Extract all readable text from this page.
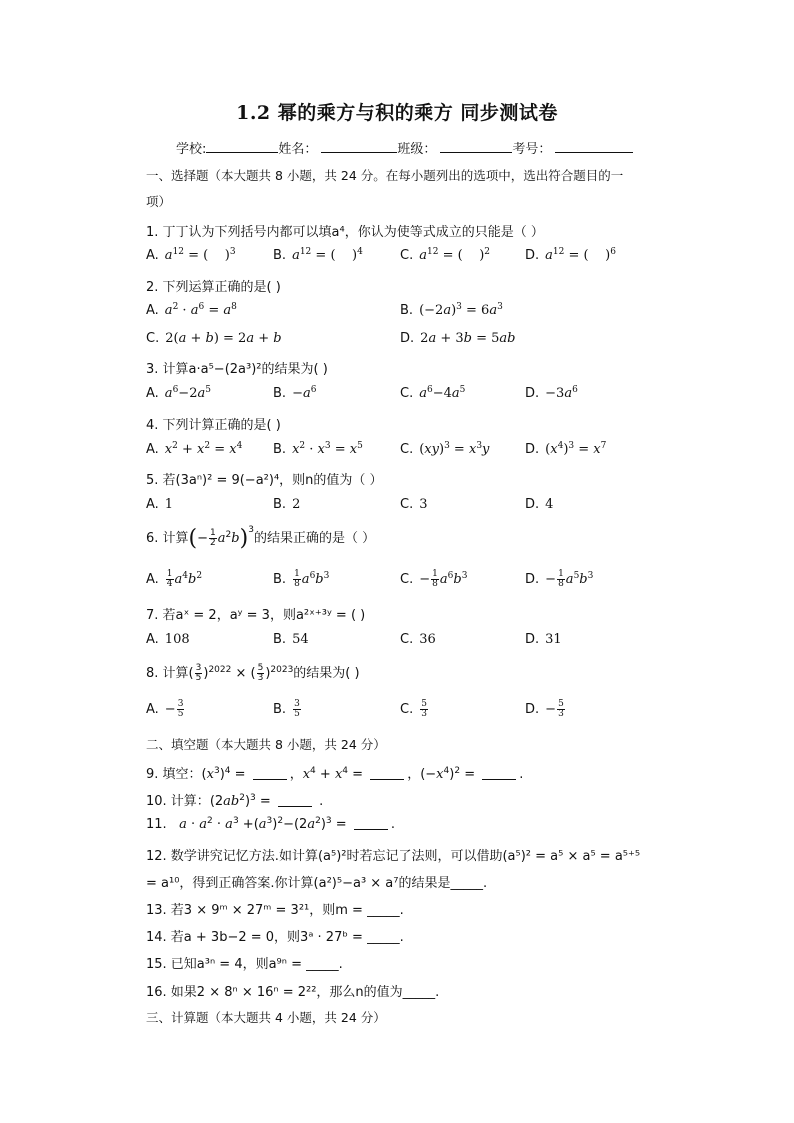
1.2 幂的乘方与积的乘方 同步测试卷
学校:	姓名：	班级：	考号：
一、选择题（本大题共 8 小题，共 24 分。在每小题列出的选项中，选出符合题目的一
项）
1. 丁丁认为下列括号内都可以填a⁴，你认为使等式成立的只能是（ ）
A. $a^{12}$ = (    )$^3$	B. $a^{12}$ = (    )$^4$	C. $a^{12}$ = (    )$^2$	D. $a^{12}$ = (    )$^6$
2. 下列运算正确的是( )
A. $a^2 \cdot a^6 = a^8$	B. $(-2a)^3 = 6a^3$
C. 2(a + b) = 2a + b	D. 2a + 3b = 5ab
3. 计算a·a⁵−(2a³)²的结果为( )
A. $a^6-2a^5$	B. $-a^6$	C. $a^6-4a^5$	D. $-3a^6$
4. 下列计算正确的是( )
A. $x^2 + x^2 = x^4$ B. $x^2 \cdot x^3 = x^5$	C. $(xy)^3 = x^3y$	D. $(x^4)^3 = x^7$
5. 若(3aⁿ)² = 9(−a²)⁴，则n的值为（ ）
A. 1	B. 2	C. 3	D. 4
6. 计算(− $\frac{1}{2} a^2b)^3$的结果正确的是（ ）
A. $\frac{1}{4} a^4b^2$	B. $\frac{1}{8} a^6b^3$	C. − $\frac{1}{8} a^6b^3$	D. − $\frac{1}{8} a^5b^3$
7. 若aˣ = 2，aʸ = 3，则a²ˣ⁺³ʸ = ( )
A. 108	B. 54	C. 36	D. 31
8. 计算( $\frac{3}{5} )^{2022}$ × ( $\frac{5}{3} )^{2023}$的结果为( )
A. − $\frac{3}{5}$	B. $\frac{3}{5}$	C. $\frac{5}{3}$	D. − $\frac{5}{3}$
二、填空题（本大题共 8 小题，共 24 分）
9. 填空：$(x^3)^4$ =	，$x^4 + x^4$ =	，$(-x^4)^2$ =	.
10. 计算：$(2ab^2)^3$ =	.
11. $a \cdot a^2 \cdot a^3 +(a^3)^2-(2a^2)^3$ =	.
12. 数学讲究记忆方法.如计算(a⁵)²时若忘记了法则，可以借助(a⁵)² = a⁵ × a⁵ = a⁵⁺⁵
= a¹⁰，得到正确答案.你计算(a²)⁵−a³ × a⁷的结果是_____.
13. 若3 × 9ᵐ × 27ᵐ = 3²¹，则m = _____.
14. 若a + 3b−2 = 0，则3ᵃ · 27ᵇ = _____.
15. 已知a³ⁿ = 4，则a⁹ⁿ = _____.
16. 如果2 × 8ⁿ × 16ⁿ = 2²²，那么n的值为_____.
三、计算题（本大题共 4 小题，共 24 分）
